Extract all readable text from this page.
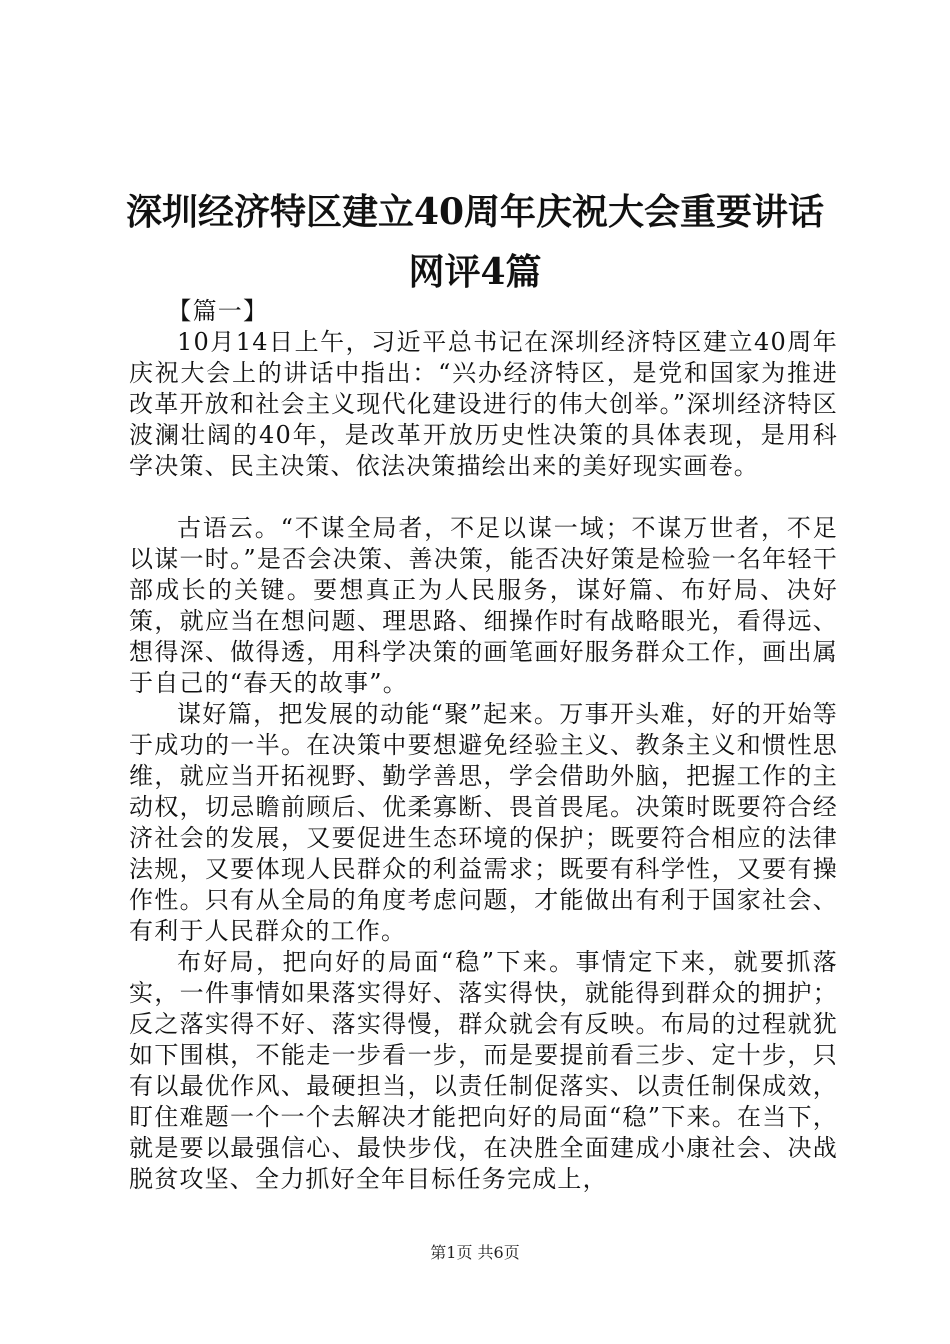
深圳经济特区建立40周年庆祝大会重要讲话
网评4篇

【篇一】

10月14日上午，习近平总书记在深圳经济特区建立40周年庆祝大会上的讲话中指出：“兴办经济特区，是党和国家为推进改革开放和社会主义现代化建设进行的伟大创举。”深圳经济特区波澜壮阔的40年，是改革开放历史性决策的具体表现，是用科学决策、民主决策、依法决策描绘出来的美好现实画卷。

古语云。“不谋全局者，不足以谋一域；不谋万世者，不足以谋一时。”是否会决策、善决策，能否决好策是检验一名年轻干部成长的关键。要想真正为人民服务，谋好篇、布好局、决好策，就应当在想问题、理思路、细操作时有战略眼光，看得远、想得深、做得透，用科学决策的画笔画好服务群众工作，画出属于自己的“春天的故事”。

谋好篇，把发展的动能“聚”起来。万事开头难，好的开始等于成功的一半。在决策中要想避免经验主义、教条主义和惯性思维，就应当开拓视野、勤学善思，学会借助外脑，把握工作的主动权，切忌瞻前顾后、优柔寡断、畏首畏尾。决策时既要符合经济社会的发展，又要促进生态环境的保护；既要符合相应的法律法规，又要体现人民群众的利益需求；既要有科学性，又要有操作性。只有从全局的角度考虑问题，才能做出有利于国家社会、有利于人民群众的工作。

布好局，把向好的局面“稳”下来。事情定下来，就要抓落实，一件事情如果落实得好、落实得快，就能得到群众的拥护；反之落实得不好、落实得慢，群众就会有反映。布局的过程就犹如下围棋，不能走一步看一步，而是要提前看三步、定十步，只有以最优作风、最硬担当，以责任制促落实、以责任制保成效，盯住难题一个一个去解决才能把向好的局面“稳”下来。在当下，就是要以最强信心、最快步伐，在决胜全面建成小康社会、决战脱贫攻坚、全力抓好全年目标任务完成上，

第1页 共6页
